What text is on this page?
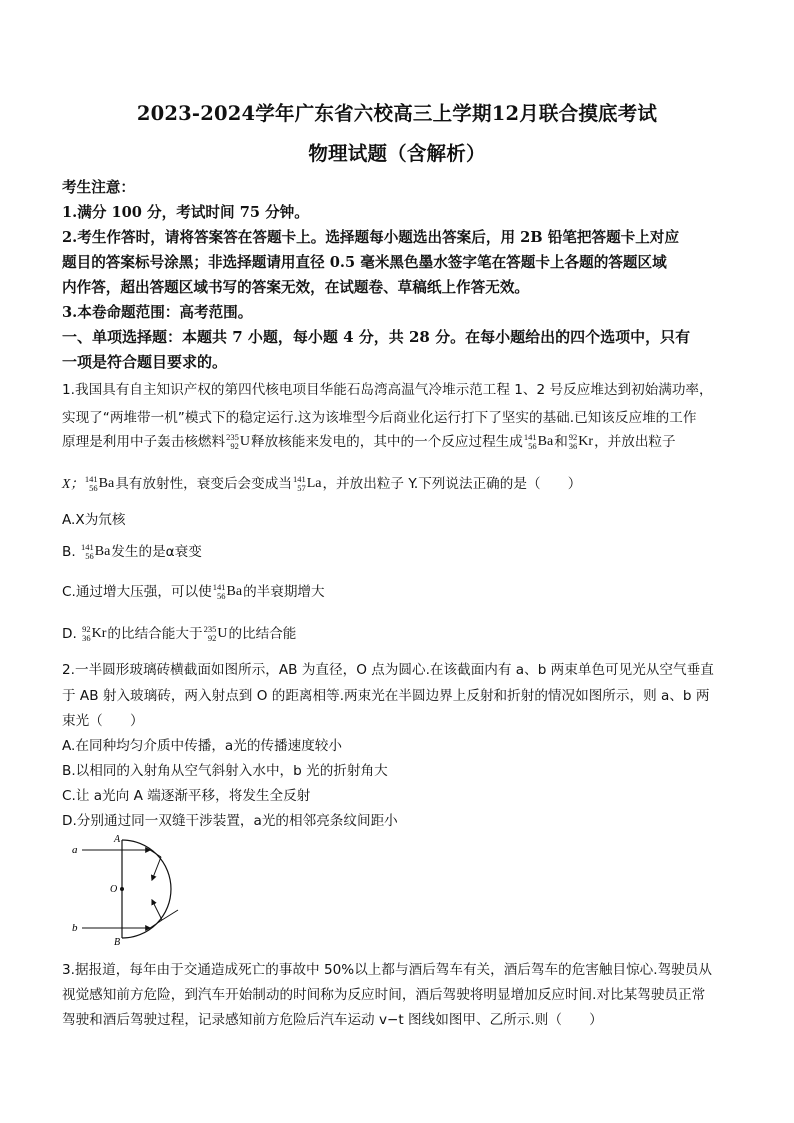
2023-2024学年广东省六校高三上学期12月联合摸底考试
物理试题（含解析）
考生注意：
1.满分 100 分，考试时间 75 分钟。
2.考生作答时，请将答案答在答题卡上。选择题每小题选出答案后，用 2B 铅笔把答题卡上对应
题目的答案标号涂黑；非选择题请用直径 0.5 毫米黑色墨水签字笔在答题卡上各题的答题区域
内作答，超出答题区域书写的答案无效，在试题卷、草稿纸上作答无效。
3.本卷命题范围：高考范围。
一、单项选择题：本题共 7 小题，每小题 4 分，共 28 分。在每小题给出的四个选项中，只有
一项是符合题目要求的。
1.我国具有自主知识产权的第四代核电项目华能石岛湾高温气冷堆示范工程 1、2 号反应堆达到初始满功率，
实现了“两堆带一机”模式下的稳定运行.这为该堆型今后商业化运行打下了坚实的基础.已知该反应堆的工作
原理是利用中子轰击核燃料 235
92 U释放核能来发电的，其中的一个反应过程生成 141
56 Ba和 92
36 Kr，并放出粒子
X； 141
56 Ba具有放射性，衰变后会变成当 141
57 La，并放出粒子 Y.下列说法正确的是（　　）
A.X为氘核
B. 141
56 Ba发生的是α衰变
C.通过增大压强，可以使 141
56 Ba的半衰期增大
D. 92
36 Kr的比结合能大于 235
92 U的比结合能
2.一半圆形玻璃砖横截面如图所示，AB 为直径，O 点为圆心.在该截面内有 a、b 两束单色可见光从空气垂直
于 AB 射入玻璃砖，两入射点到 O 的距离相等.两束光在半圆边界上反射和折射的情况如图所示，则 a、b 两
束光（　　）
A.在同种均匀介质中传播，a光的传播速度较小
B.以相同的入射角从空气斜射入水中，b 光的折射角大
C.让 a光向 A 端逐渐平移，将发生全反射
D.分别通过同一双缝干涉装置，a光的相邻亮条纹间距小
a
b
A
B
O
3.据报道，每年由于交通造成死亡的事故中 50%以上都与酒后驾车有关，酒后驾车的危害触目惊心.驾驶员从
视觉感知前方危险，到汽车开始制动的时间称为反应时间，酒后驾驶将明显增加反应时间.对比某驾驶员正常
驾驶和酒后驾驶过程，记录感知前方危险后汽车运动 v−t 图线如图甲、乙所示.则（　　）
